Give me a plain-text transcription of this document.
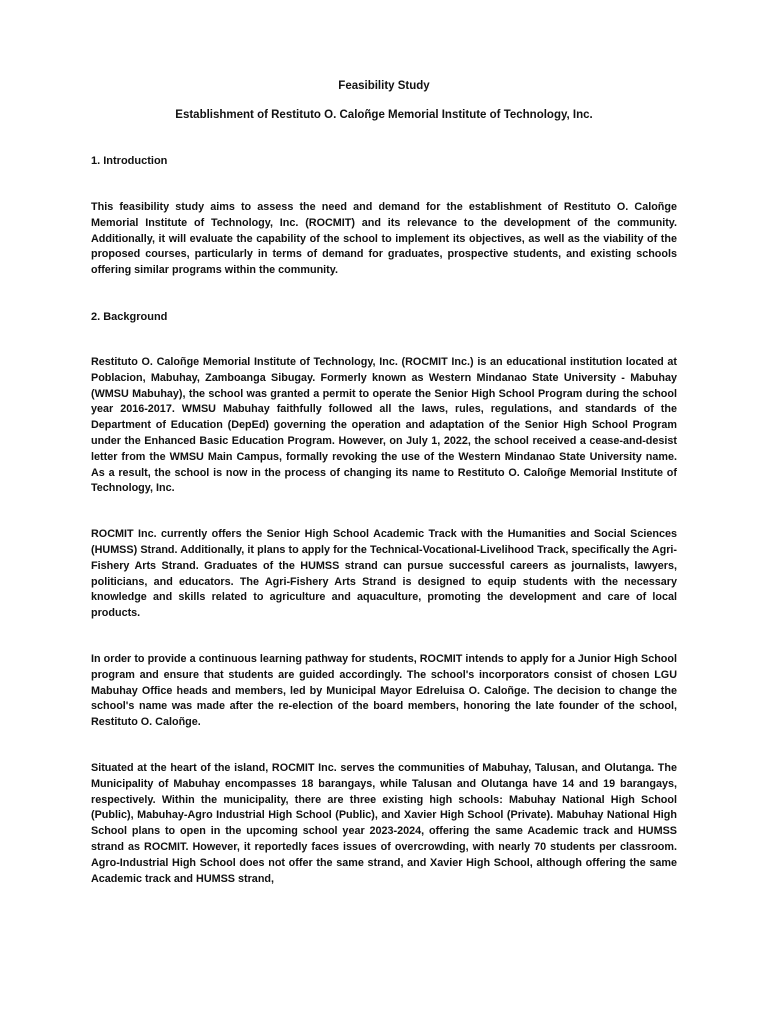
Feasibility Study

Establishment of Restituto O. Caloñge Memorial Institute of Technology, Inc.

1. Introduction

This feasibility study aims to assess the need and demand for the establishment of Restituto O. Caloñge Memorial Institute of Technology, Inc. (ROCMIT) and its relevance to the development of the community. Additionally, it will evaluate the capability of the school to implement its objectives, as well as the viability of the proposed courses, particularly in terms of demand for graduates, prospective students, and existing schools offering similar programs within the community.

2. Background

Restituto O. Caloñge Memorial Institute of Technology, Inc. (ROCMIT Inc.) is an educational institution located at Poblacion, Mabuhay, Zamboanga Sibugay. Formerly known as Western Mindanao State University - Mabuhay (WMSU Mabuhay), the school was granted a permit to operate the Senior High School Program during the school year 2016-2017. WMSU Mabuhay faithfully followed all the laws, rules, regulations, and standards of the Department of Education (DepEd) governing the operation and adaptation of the Senior High School Program under the Enhanced Basic Education Program. However, on July 1, 2022, the school received a cease-and-desist letter from the WMSU Main Campus, formally revoking the use of the Western Mindanao State University name. As a result, the school is now in the process of changing its name to Restituto O. Caloñge Memorial Institute of Technology, Inc.

ROCMIT Inc. currently offers the Senior High School Academic Track with the Humanities and Social Sciences (HUMSS) Strand. Additionally, it plans to apply for the Technical-Vocational-Livelihood Track, specifically the Agri-Fishery Arts Strand. Graduates of the HUMSS strand can pursue successful careers as journalists, lawyers, politicians, and educators. The Agri-Fishery Arts Strand is designed to equip students with the necessary knowledge and skills related to agriculture and aquaculture, promoting the development and care of local products.

In order to provide a continuous learning pathway for students, ROCMIT intends to apply for a Junior High School program and ensure that students are guided accordingly. The school's incorporators consist of chosen LGU Mabuhay Office heads and members, led by Municipal Mayor Edreluisa O. Caloñge. The decision to change the school's name was made after the re-election of the board members, honoring the late founder of the school, Restituto O. Caloñge.

Situated at the heart of the island, ROCMIT Inc. serves the communities of Mabuhay, Talusan, and Olutanga. The Municipality of Mabuhay encompasses 18 barangays, while Talusan and Olutanga have 14 and 19 barangays, respectively. Within the municipality, there are three existing high schools: Mabuhay National High School (Public), Mabuhay-Agro Industrial High School (Public), and Xavier High School (Private). Mabuhay National High School plans to open in the upcoming school year 2023-2024, offering the same Academic track and HUMSS strand as ROCMIT. However, it reportedly faces issues of overcrowding, with nearly 70 students per classroom. Agro-Industrial High School does not offer the same strand, and Xavier High School, although offering the same Academic track and HUMSS strand,
